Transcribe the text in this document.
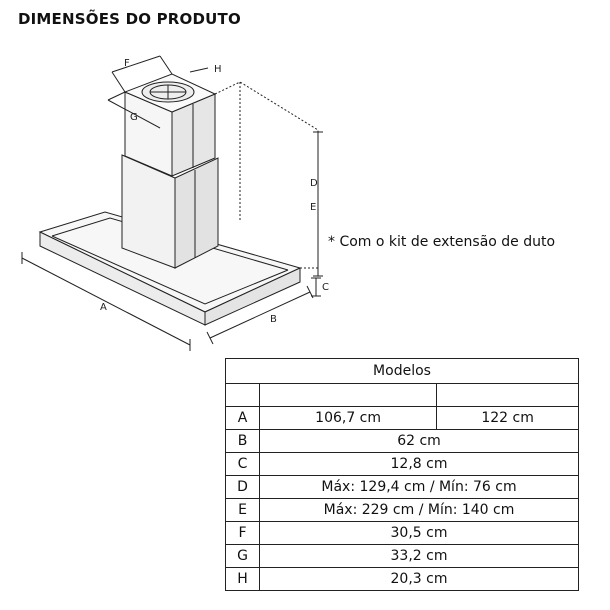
DIMENSÕES DO PRODUTO
A
B
C
D
E
F
G
H
* Com o kit de extensão de duto
Modelos		

A	106,7 cm	122 cm
B	62 cm	
C	12,8 cm	
D	Máx: 129,4 cm / Mín: 76 cm	
E	Máx: 229 cm / Mín: 140 cm	
F	30,5 cm	
G	33,2 cm	
H	20,3 cm	
